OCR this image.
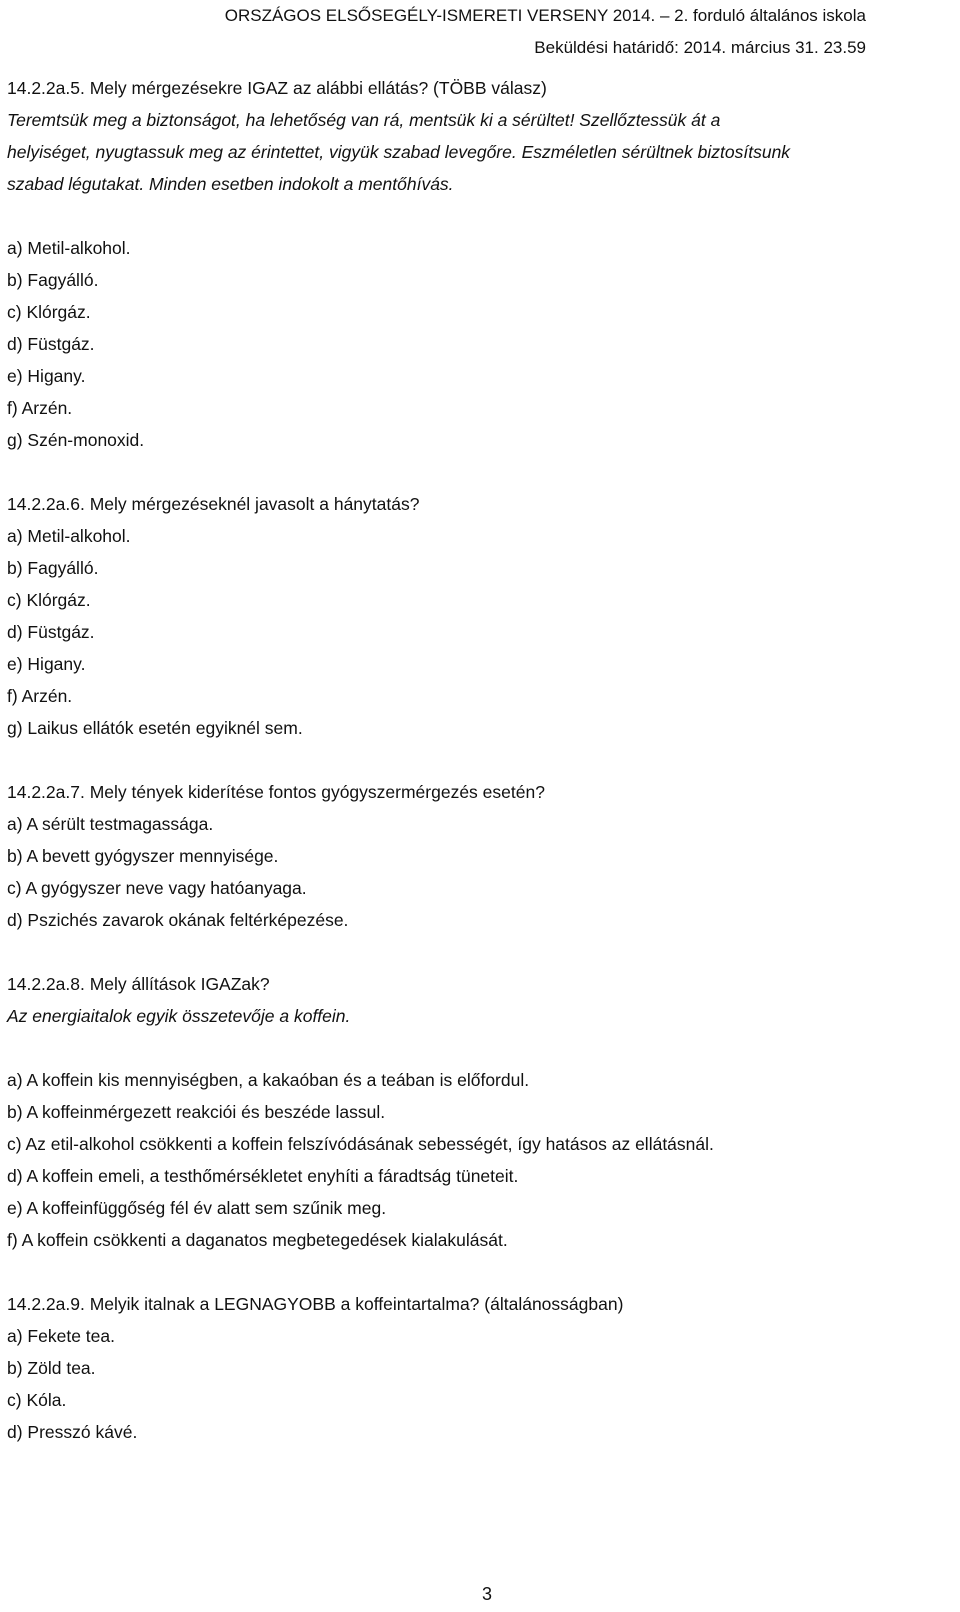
ORSZÁGOS ELSŐSEGÉLY-ISMERETI VERSENY 2014. – 2. forduló általános iskola
Beküldési határidő: 2014. március 31. 23.59
14.2.2a.5. Mely mérgezésekre IGAZ az alábbi ellátás? (TÖBB válasz)
Teremtsük meg a biztonságot, ha lehetőség van rá, mentsük ki a sérültet! Szellőztessük át a
helyiséget, nyugtassuk meg az érintettet, vigyük szabad levegőre. Eszméletlen sérültnek biztosítsunk
szabad légutakat. Minden esetben indokolt a mentőhívás.
a) Metil-alkohol.
b) Fagyálló.
c) Klórgáz.
d) Füstgáz.
e) Higany.
f) Arzén.
g) Szén-monoxid.
14.2.2a.6. Mely mérgezéseknél javasolt a hánytatás?
a) Metil-alkohol.
b) Fagyálló.
c) Klórgáz.
d) Füstgáz.
e) Higany.
f) Arzén.
g) Laikus ellátók esetén egyiknél sem.
14.2.2a.7. Mely tények kiderítése fontos gyógyszermérgezés esetén?
a) A sérült testmagassága.
b) A bevett gyógyszer mennyisége.
c) A gyógyszer neve vagy hatóanyaga.
d) Pszichés zavarok okának feltérképezése.
14.2.2a.8. Mely állítások IGAZak?
Az energiaitalok egyik összetevője a koffein.
a) A koffein kis mennyiségben, a kakaóban és a teában is előfordul.
b) A koffeinmérgezett reakciói és beszéde lassul.
c) Az etil-alkohol csökkenti a koffein felszívódásának sebességét, így hatásos az ellátásnál.
d) A koffein emeli, a testhőmérsékletet enyhíti a fáradtság tüneteit.
e) A koffeinfüggőség fél év alatt sem szűnik meg.
f) A koffein csökkenti a daganatos megbetegedések kialakulását.
14.2.2a.9. Melyik italnak a LEGNAGYOBB a koffeintartalma? (általánosságban)
a) Fekete tea.
b) Zöld tea.
c) Kóla.
d) Presszó kávé.
3
